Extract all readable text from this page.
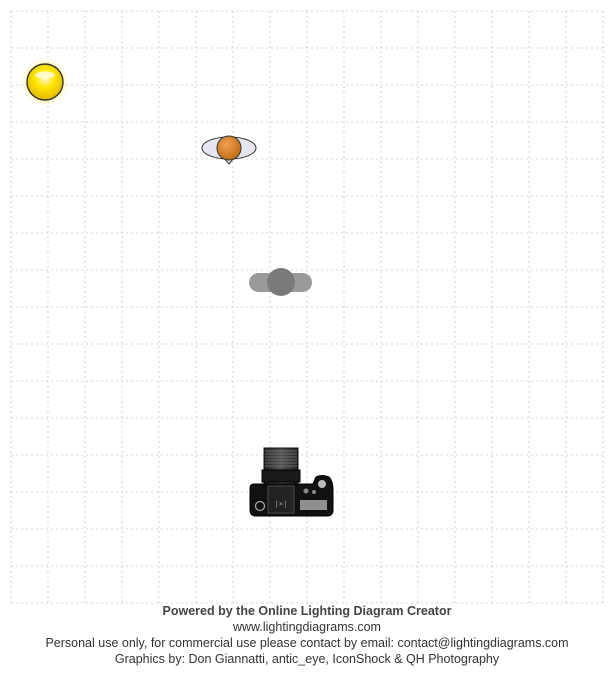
|×|
Powered by the Online Lighting Diagram Creator
www.lightingdiagrams.com
Personal use only, for commercial use please contact by email: contact@lightingdiagrams.com
Graphics by: Don Giannatti, antic_eye, IconShock & QH Photography
